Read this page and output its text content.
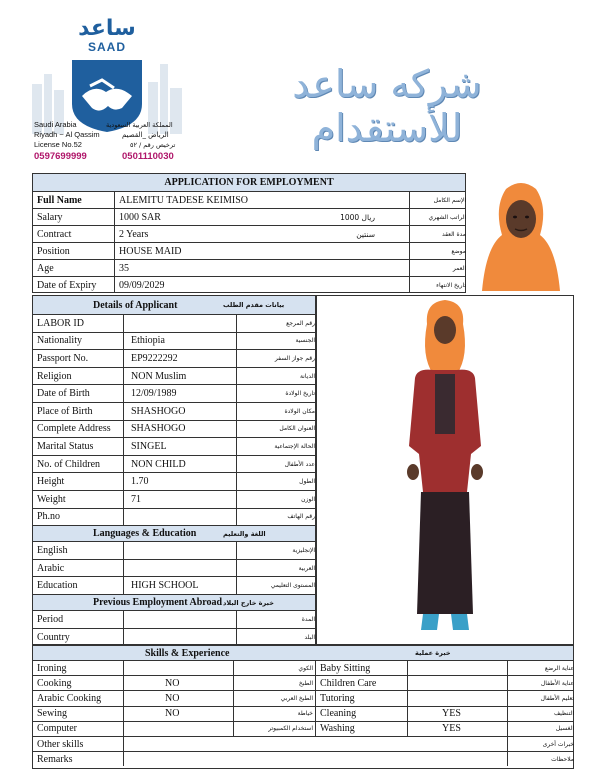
ساعد
SAAD
Saudi Arabia
Riyadh ~ Al Qassim
License No.52
المملكة العربية السعودية
الرياض _القصيم
ترخيص رقم / ٥٢
0597699999	0501110030
شركه ساعد للأستقدام
APPLICATION FOR EMPLOYMENT
Full Name	ALEMITU TADESE KEIMISO	الإسم الكامل
Salary	1000 SAR	ريال 1000	الراتب الشهري
Contract	2 Years	سنتين	مدة العقد
Position	HOUSE MAID	موضع
Age	35	العمر
Date of Expiry	09/09/2029	تاريخ الانتهاء
Details of Applicant	بيانات مقدم الطلب
LABOR ID	رقم المرجع
Nationality	Ethiopia	الجنسية
Passport No.	EP9222292	رقم جواز السفر
Religion	NON Muslim	الديانة
Date of Birth	12/09/1989	تاريخ الولادة
Place of Birth	SHASHOGO	مكان الولادة
Complete Address	SHASHOGO	العنوان الكامل
Marital Status	SINGEL	الحالة الإجتماعية
No. of Children	NON CHILD	عدد الأطفال
Height	1.70	الطول
Weight	71	الوزن
Ph.no	رقم الهاتف
Languages & Education	اللغة والتعليم
English	الإنجليزية
Arabic	العربية
Education	HIGH SCHOOL	المستوى التعليمي
Previous Employment Abroad خبرة خارج البلاد
Period	المدة
Country	البلد
Skills & Experience	خبرة عملية
Ironing	الكوي Baby Sitting	عناية الرضع
Cooking	NO	الطبخ Children Care	عناية الأطفال
Arabic Cooking	NO	الطبخ العربي Tutoring	تعليم الأطفال
Sewing	NO	خياطة Cleaning	YES	التنظيف
Computer	استخدام الكمبيوتر Washing	YES	الغسيل
Other skills	خبرات أخرى
Remarks	ملاحظات
